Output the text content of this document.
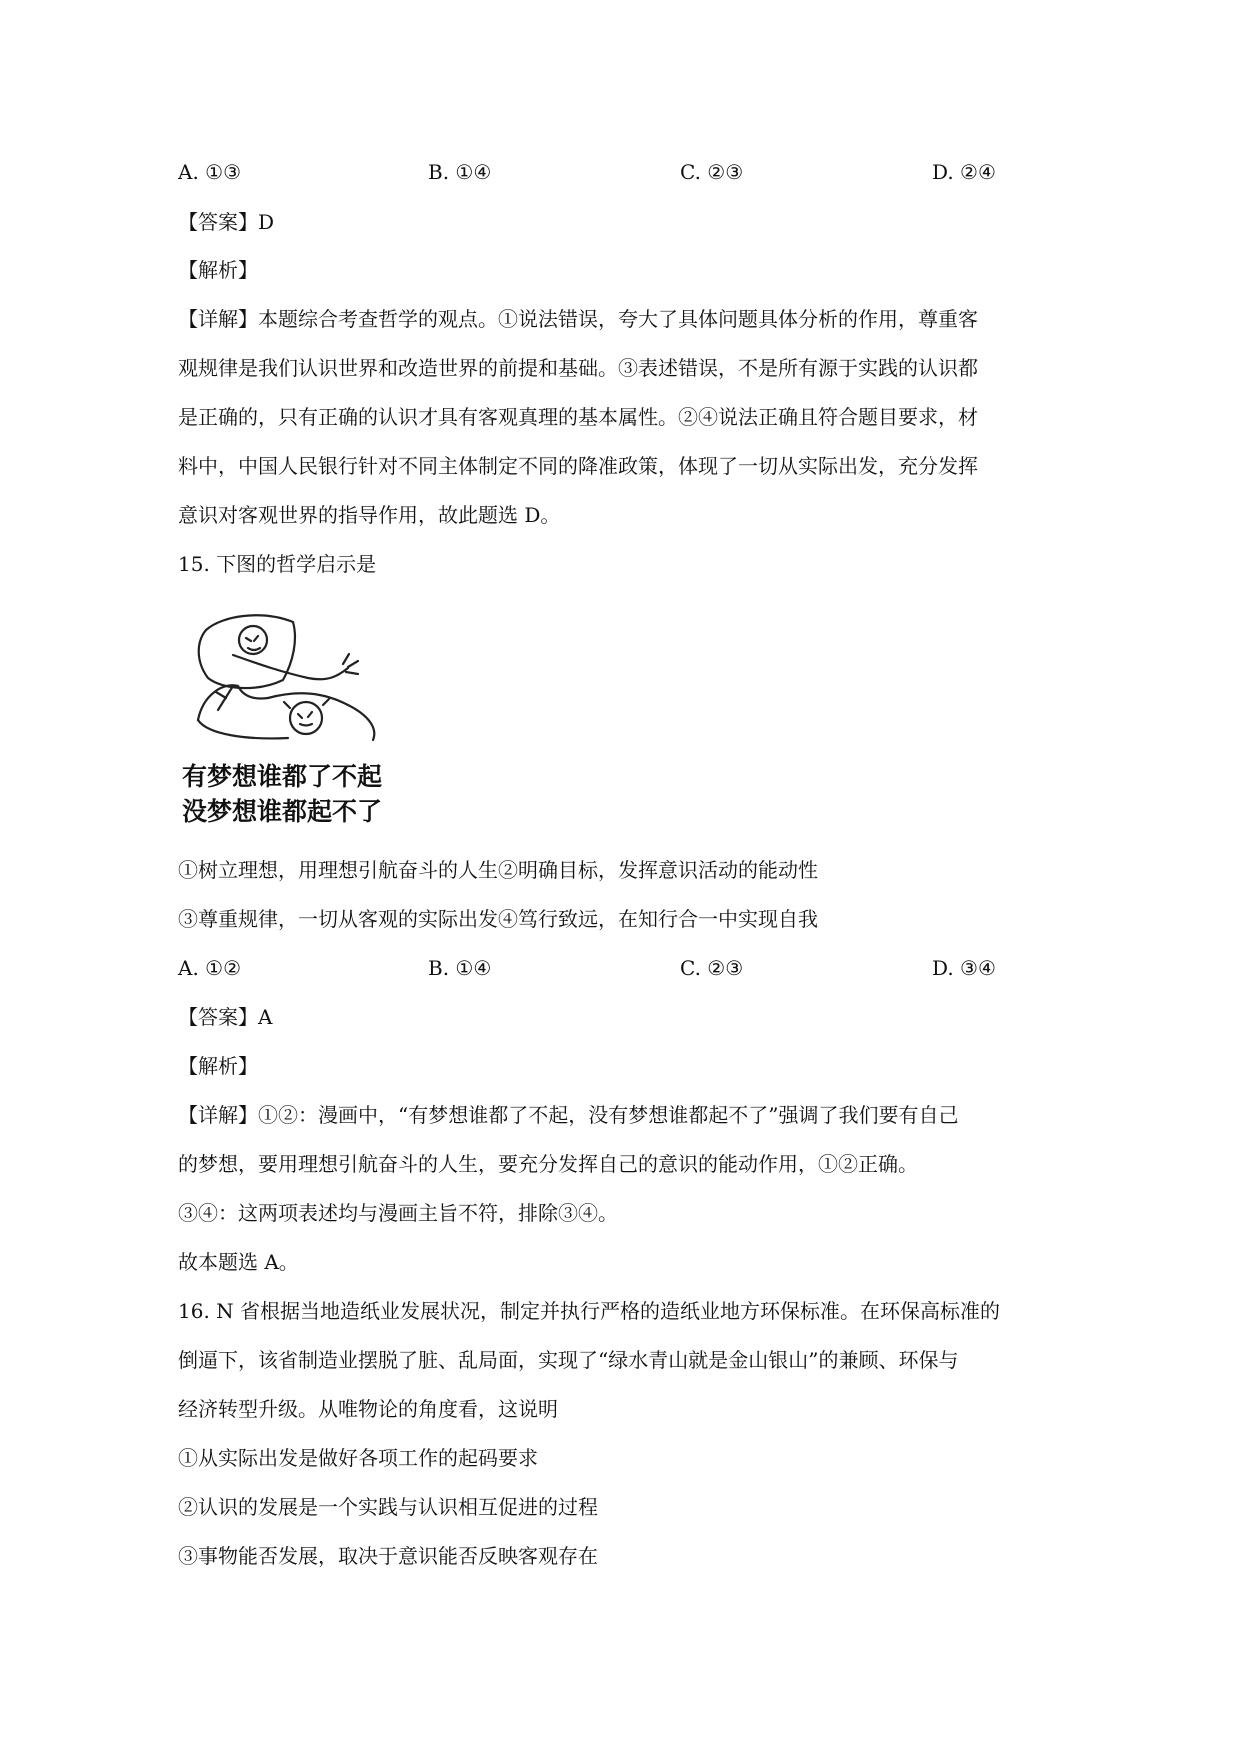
A. ①③	B. ①④	C. ②③	D. ②④
【答案】D
【解析】
【详解】本题综合考查哲学的观点。①说法错误，夸大了具体问题具体分析的作用，尊重客
观规律是我们认识世界和改造世界的前提和基础。③表述错误，不是所有源于实践的认识都
是正确的，只有正确的认识才具有客观真理的基本属性。②④说法正确且符合题目要求，材
料中，中国人民银行针对不同主体制定不同的降准政策，体现了一切从实际出发，充分发挥
意识对客观世界的指导作用，故此题选 D。
15. 下图的哲学启示是
有梦想谁都了不起
没梦想谁都起不了
①树立理想，用理想引航奋斗的人生②明确目标，发挥意识活动的能动性
③尊重规律，一切从客观的实际出发④笃行致远，在知行合一中实现自我
A. ①②	B. ①④	C. ②③	D. ③④
【答案】A
【解析】
【详解】①②：漫画中，“有梦想谁都了不起，没有梦想谁都起不了”强调了我们要有自己
的梦想，要用理想引航奋斗的人生，要充分发挥自己的意识的能动作用，①②正确。
③④：这两项表述均与漫画主旨不符，排除③④。
故本题选 A。
16. N 省根据当地造纸业发展状况，制定并执行严格的造纸业地方环保标准。在环保高标准的
倒逼下，该省制造业摆脱了脏、乱局面，实现了“绿水青山就是金山银山”的兼顾、环保与
经济转型升级。从唯物论的角度看，这说明
①从实际出发是做好各项工作的起码要求
②认识的发展是一个实践与认识相互促进的过程
③事物能否发展，取决于意识能否反映客观存在
